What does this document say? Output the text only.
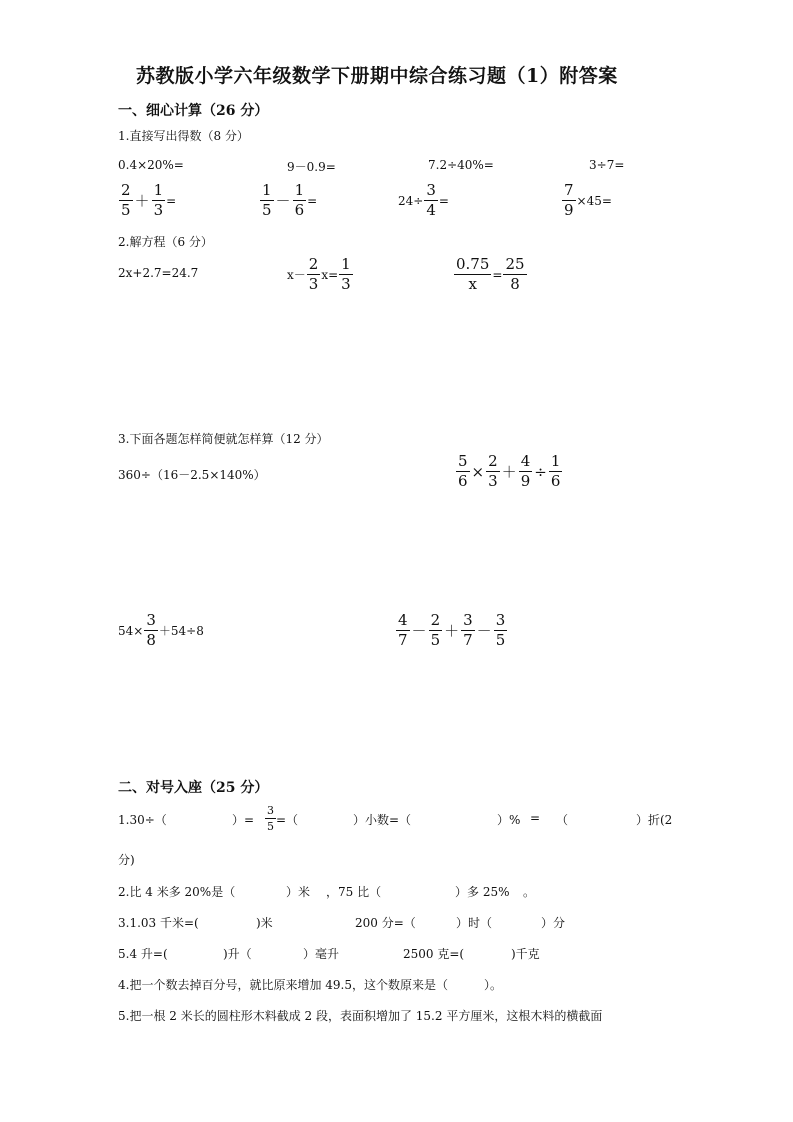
苏教版小学六年级数学下册期中综合练习题（1）附答案
一、细心计算（26 分）
1.直接写出得数（8 分）
0.4×20%=	9－0.9=	7.2÷40%=	3÷7=
$\frac{2}{5} + \frac{1}{3}$ =	$\frac{1}{5} - \frac{1}{6}$ =	$24\div \frac{3}{4}$ =	$\frac{7}{9} \times 45=$
2.解方程（6 分）
2x+2.7=24.7	$x- \frac{2}{3} x= \frac{1}{3}$	$\frac{0.75}{x} = \frac{25}{8}$
3.下面各题怎样简便就怎样算（12 分）
360÷（16－2.5×140%）	$\frac{5}{6} \times \frac{2}{3} + \frac{4}{9} \div \frac{1}{6}$
$54\times \frac{3}{8} +54\div 8$	$\frac{4}{7} - \frac{2}{5} + \frac{3}{7} - \frac{3}{5}$
二、对号入座（25 分）
1.30÷（	）= $\frac{3}{5}$ =（	）小数=（	）% = （	）折(2
分)
2.比 4 米多 20%是（	）米 ，75 比（	）多 25% 。
3.1.03 千米=(	)米	200 分=（	）时（	）分
5.4 升=(	)升（	）毫升	2500 克=(	)千克
4.把一个数去掉百分号，就比原来增加 49.5，这个数原来是（　　　）。
5.把一根 2 米长的圆柱形木料截成 2 段，表面积增加了 15.2 平方厘米，这根木料的横截面
